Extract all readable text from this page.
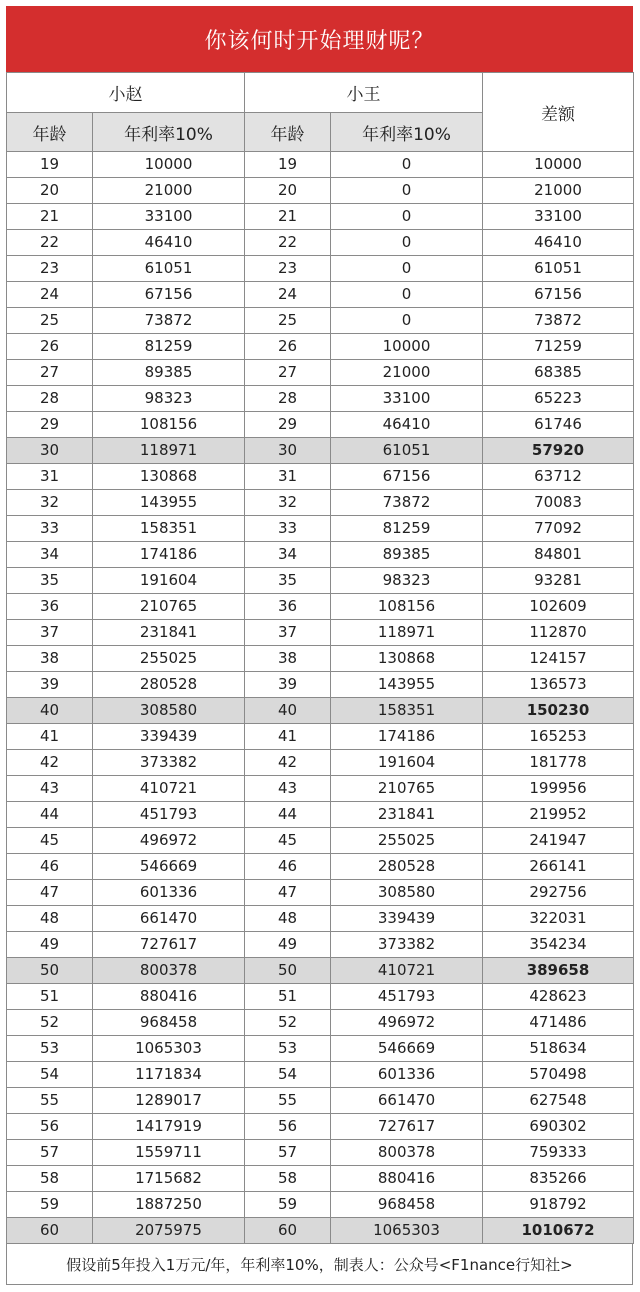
你该何时开始理财呢？
小赵		小王		差额
年龄	年利率10%	年龄	年利率10%	
19	10000	19	0	10000
20	21000	20	0	21000
21	33100	21	0	33100
22	46410	22	0	46410
23	61051	23	0	61051
24	67156	24	0	67156
25	73872	25	0	73872
26	81259	26	10000	71259
27	89385	27	21000	68385
28	98323	28	33100	65223
29	108156	29	46410	61746
30	118971	30	61051	57920
31	130868	31	67156	63712
32	143955	32	73872	70083
33	158351	33	81259	77092
34	174186	34	89385	84801
35	191604	35	98323	93281
36	210765	36	108156	102609
37	231841	37	118971	112870
38	255025	38	130868	124157
39	280528	39	143955	136573
40	308580	40	158351	150230
41	339439	41	174186	165253
42	373382	42	191604	181778
43	410721	43	210765	199956
44	451793	44	231841	219952
45	496972	45	255025	241947
46	546669	46	280528	266141
47	601336	47	308580	292756
48	661470	48	339439	322031
49	727617	49	373382	354234
50	800378	50	410721	389658
51	880416	51	451793	428623
52	968458	52	496972	471486
53	1065303	53	546669	518634
54	1171834	54	601336	570498
55	1289017	55	661470	627548
56	1417919	56	727617	690302
57	1559711	57	800378	759333
58	1715682	58	880416	835266
59	1887250	59	968458	918792
60	2075975	60	1065303	1010672
假设前5年投入1万元/年，年利率10%，制表人：公众号<F1nance行知社>
